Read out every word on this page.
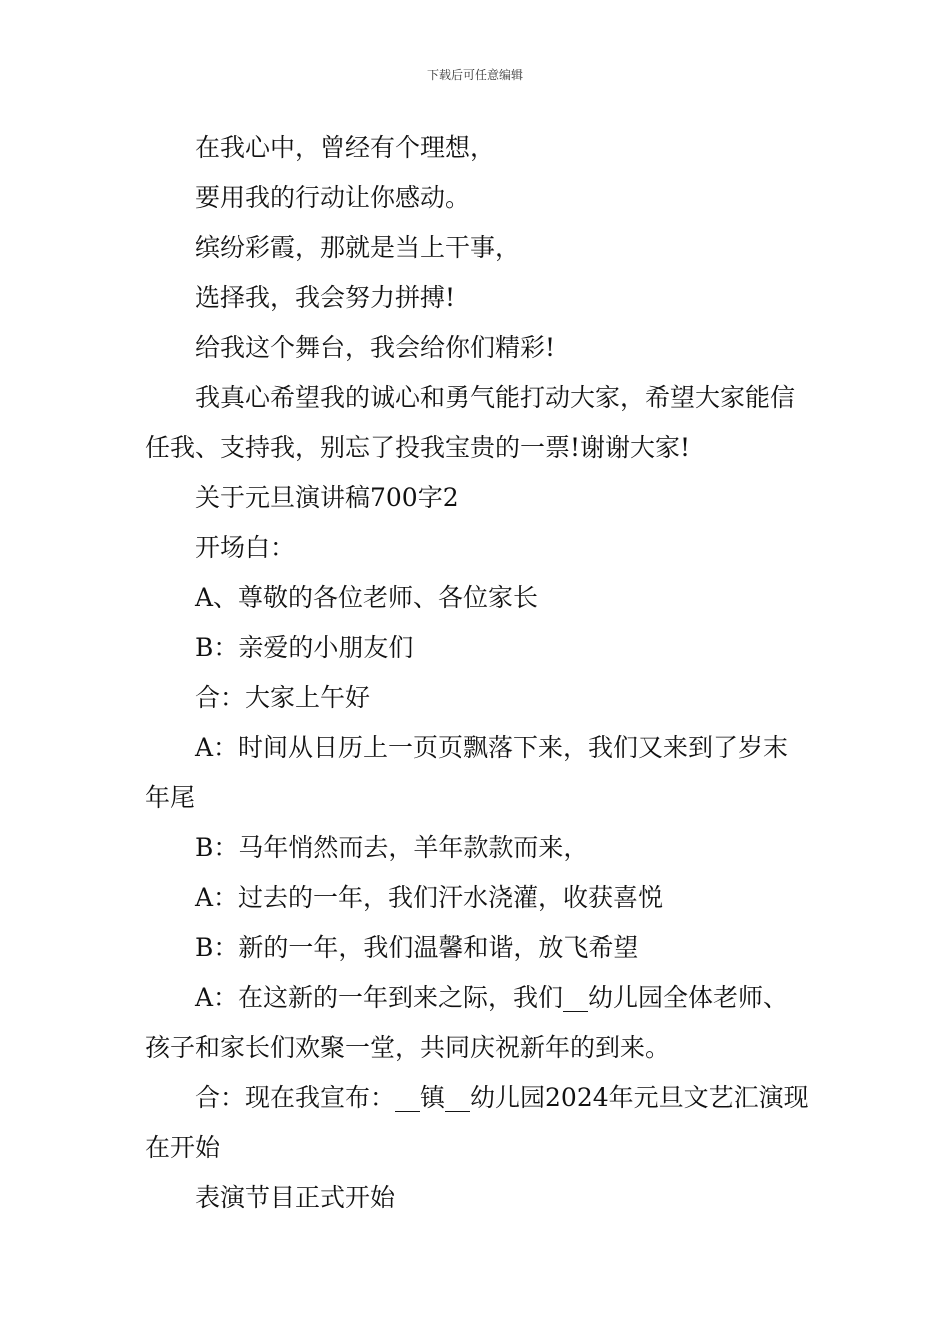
下载后可任意编辑

在我心中，曾经有个理想，

要用我的行动让你感动。

缤纷彩霞，那就是当上干事，

选择我，我会努力拼搏!

给我这个舞台，我会给你们精彩!

我真心希望我的诚心和勇气能打动大家，希望大家能信任我、支持我，别忘了投我宝贵的一票!谢谢大家!

关于元旦演讲稿700字2

开场白：

A、尊敬的各位老师、各位家长

B：亲爱的小朋友们

合：大家上午好

A：时间从日历上一页页飘落下来，我们又来到了岁末年尾

B：马年悄然而去，羊年款款而来，

A：过去的一年，我们汗水浇灌，收获喜悦

B：新的一年，我们温馨和谐，放飞希望

A：在这新的一年到来之际，我们__幼儿园全体老师、孩子和家长们欢聚一堂，共同庆祝新年的到来。

合：现在我宣布：__镇__幼儿园2024年元旦文艺汇演现在开始

表演节目正式开始
